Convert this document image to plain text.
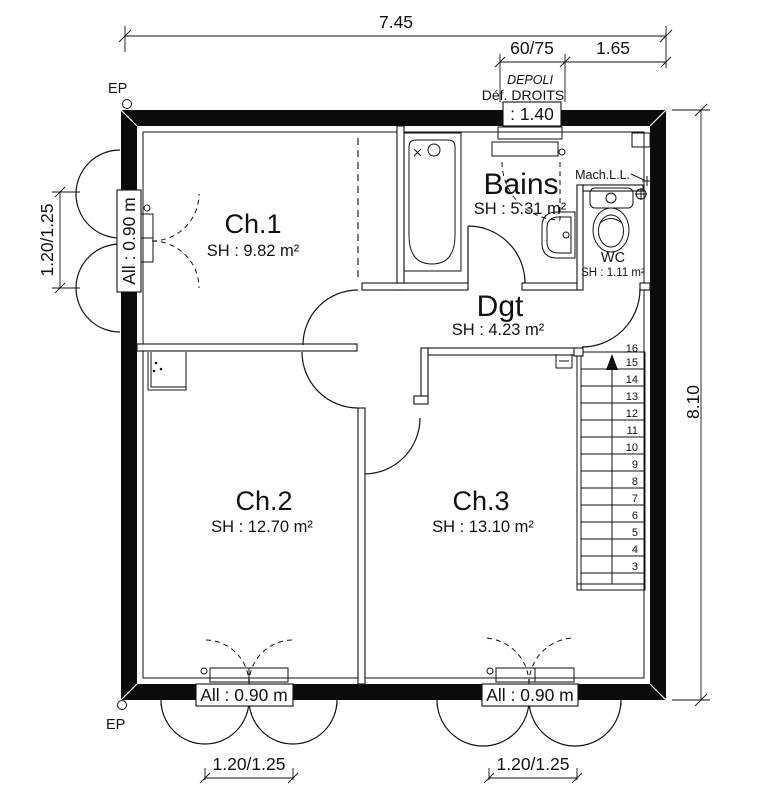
All : 0.90 m
1.20/1.25
: 1.40
All : 0.90 m
1.20/1.25
All : 0.90 m
1.20/1.25
Mach.L.L.
16
15
14
13
12
11
10
9
8
7
6
5
4
3
Ch.1
SH : 9.82 m²
Bains
SH : 5.31 m²
WC
SH : 1.11 m²
Dgt
SH : 4.23 m²
Ch.2
SH : 12.70 m²
Ch.3
SH : 13.10 m²
7.45
60/75 1.65
DEPOLI
Déf. DROITS
8.10
EP
EP
